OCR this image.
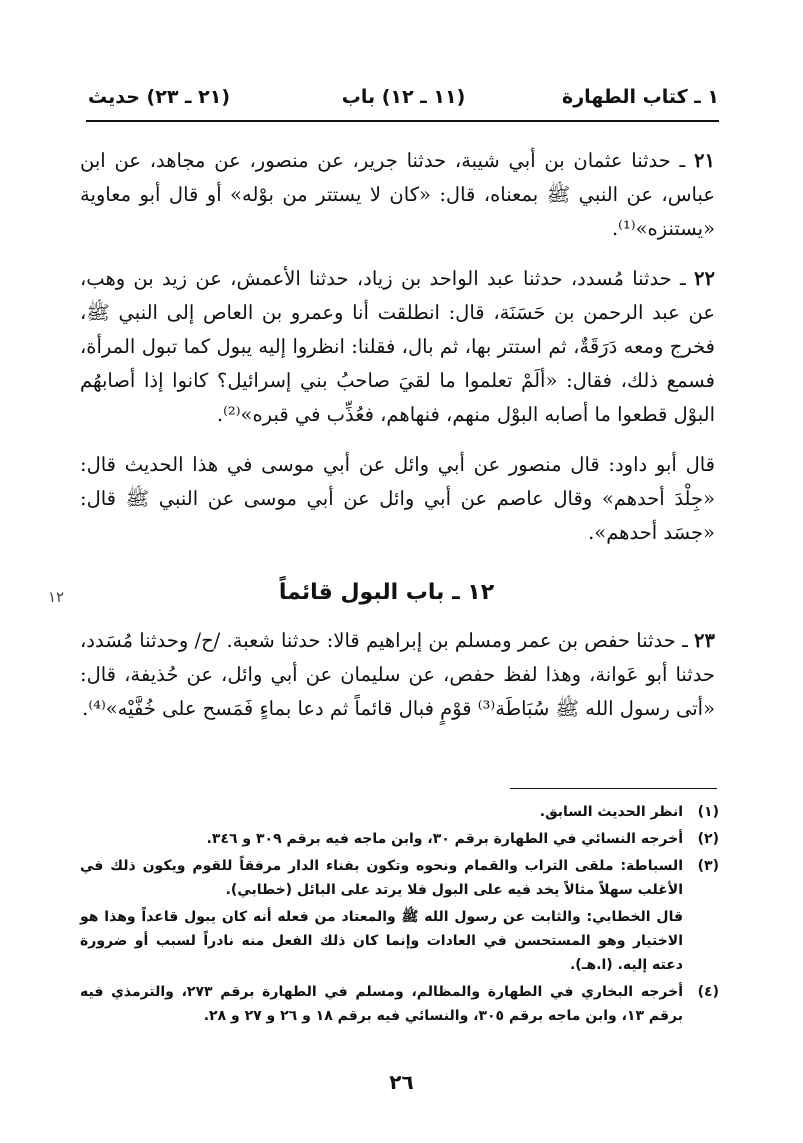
١ ـ كتاب الطهارة
(١١ ـ ١٢) باب
(٢١ ـ ٢٣) حديث

٢١ ـ حدثنا عثمان بن أبي شيبة، حدثنا جرير، عن منصور، عن مجاهد، عن ابن عباس، عن النبي ﷺ بمعناه، قال: «كان لا يستتر من بوْله» أو قال أبو معاوية «يستنزه»⁽¹⁾.

٢٢ ـ حدثنا مُسدد، حدثنا عبد الواحد بن زياد، حدثنا الأعمش، عن زيد بن وهب، عن عبد الرحمن بن حَسَنَة، قال: انطلقت أنا وعمرو بن العاص إلى النبي ﷺ، فخرج ومعه دَرَقَةٌ، ثم استتر بها، ثم بال، فقلنا: انظروا إليه يبول كما تبول المرأة، فسمع ذلك، فقال: «ألَمْ تعلموا ما لقيَ صاحبُ بني إسرائيل؟ كانوا إذا أصابهُم البوْل قطعوا ما أصابه البوْل منهم، فنهاهم، فعُذِّب في قبره»⁽²⁾.

قال أبو داود: قال منصور عن أبي وائل عن أبي موسى في هذا الحديث قال: «جِلْدَ أحدهم» وقال عاصم عن أبي وائل عن أبي موسى عن النبي ﷺ قال: «جسَد أحدهم».

١٢	١٢ ـ باب البول قائماً

٢٣ ـ حدثنا حفص بن عمر ومسلم بن إبراهيم قالا: حدثنا شعبة. /ح/ وحدثنا مُسَدد، حدثنا أبو عَوانة، وهذا لفظ حفص، عن سليمان عن أبي وائل، عن حُذيفة، قال: «أتى رسول الله ﷺ سُبَاطَة⁽³⁾ قوْمٍ فبال قائماً ثم دعا بماءٍ فَمَسح على خُفَّيْه»⁽⁴⁾.

(١)
انظر الحديث السابق.
(٢)
أخرجه النسائي في الطهارة برقم ٣٠، وابن ماجه فيه برقم ٣٠٩ و ٣٤٦.
(٣)
السباطة: ملقى التراب والقمام ونحوه وتكون بفناء الدار مرفقاً للقوم ويكون ذلك في الأغلب سهلاً مثالاً يخد فيه على البول فلا يرتد على البائل (خطابي).
قال الخطابي: والثابت عن رسول الله ﷺ والمعتاد من فعله أنه كان يبول قاعداً وهذا هو الاختيار وهو المستحسن في العادات وإنما كان ذلك الفعل منه نادراً لسبب أو ضرورة دعته إليه. (ا.هـ).
(٤)
أخرجه البخاري في الطهارة والمظالم، ومسلم في الطهارة برقم ٢٧٣، والترمذي فيه برقم ١٣، وابن ماجه برقم ٣٠٥، والنسائي فيه برقم ١٨ و ٢٦ و ٢٧ و ٢٨.
٢٦
